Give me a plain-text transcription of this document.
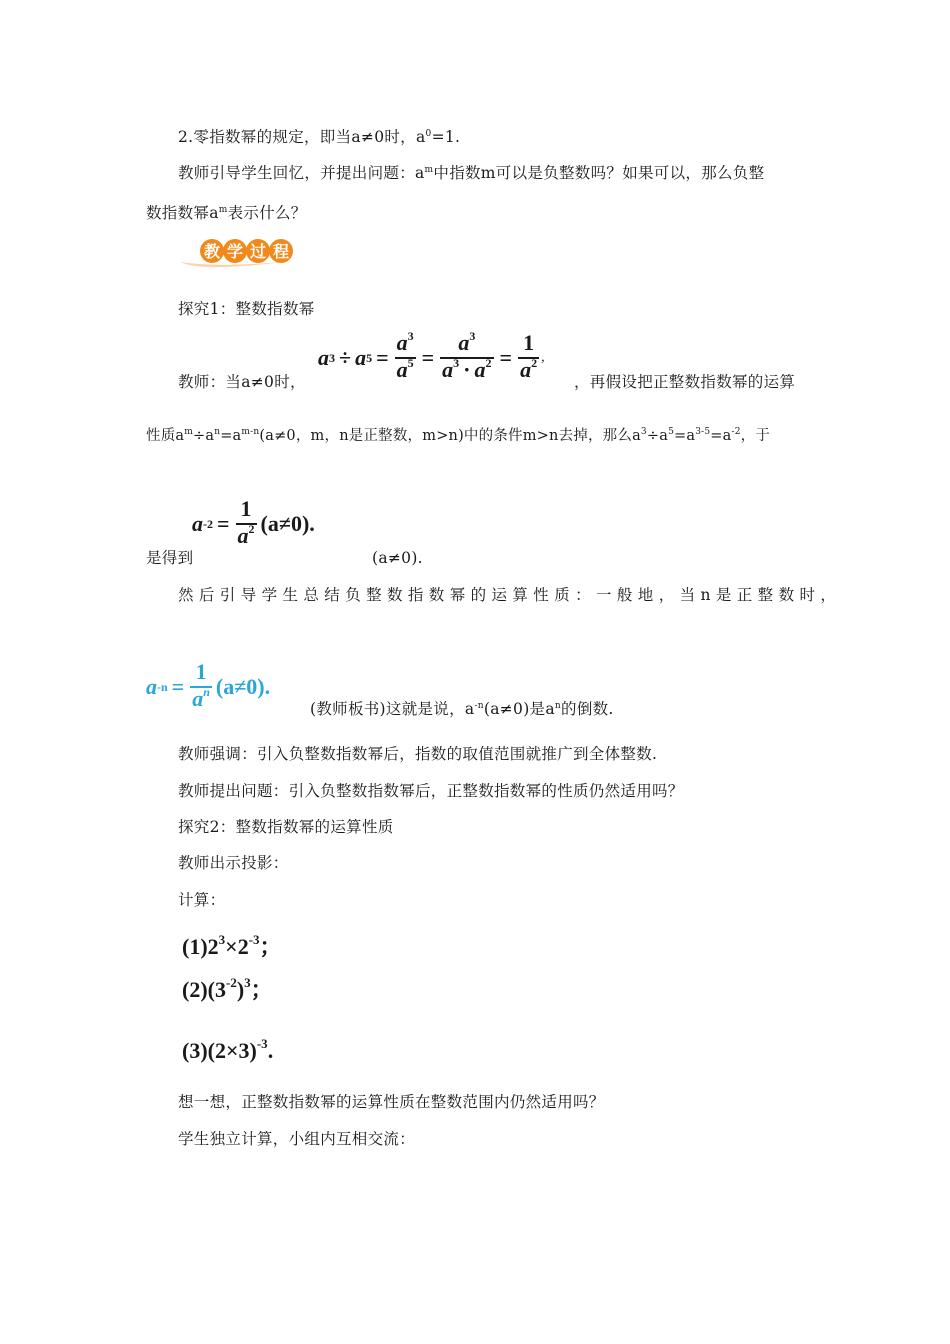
2.零指数幂的规定，即当a≠0时，$a^0=1$.
教师引导学生回忆，并提出问题：$a^m$中指数m可以是负整数吗？如果可以，那么负整
数指数幂$a^m$表示什么？
教 学 过 程
探究1：整数指数幂
a 3 ÷ a $5 = \frac{a^3}{a^5} = \frac{a^3}{a^3 \cdot a^2} = \frac{1}{a^2}$ ,
教师：当a≠0时，	，再假设把正整数指数幂的运算
性质$a^m\div a^n=a^{m-n}(a\ne 0$，m，n是正整数，m>n)中的条件m>n去掉，那么$a^3\div a^5=a^{3-5}=a^{-2}$，于
a $-2 = \frac{1}{a^2} (a\ne 0)$.
是得到	(a≠0).
然后引导学生总结负整数指数幂的运算性质：一般地，当n是正整数时，
a $-n = \frac{1}{a^n} (a\ne 0)$.
(教师板书)这就是说，$a^{-n}(a\ne 0)$是$a^n$的倒数.
教师强调：引入负整数指数幂后，指数的取值范围就推广到全体整数.
教师提出问题：引入负整数指数幂后，正整数指数幂的性质仍然适用吗？
探究2：整数指数幂的运算性质
教师出示投影：
计算：
$(1)2^3\times 2^{-3}$；
$(2)(3^{-2})^3$；
$(3)(2\times 3)^{-3}$.
想一想，正整数指数幂的运算性质在整数范围内仍然适用吗？
学生独立计算，小组内互相交流：
